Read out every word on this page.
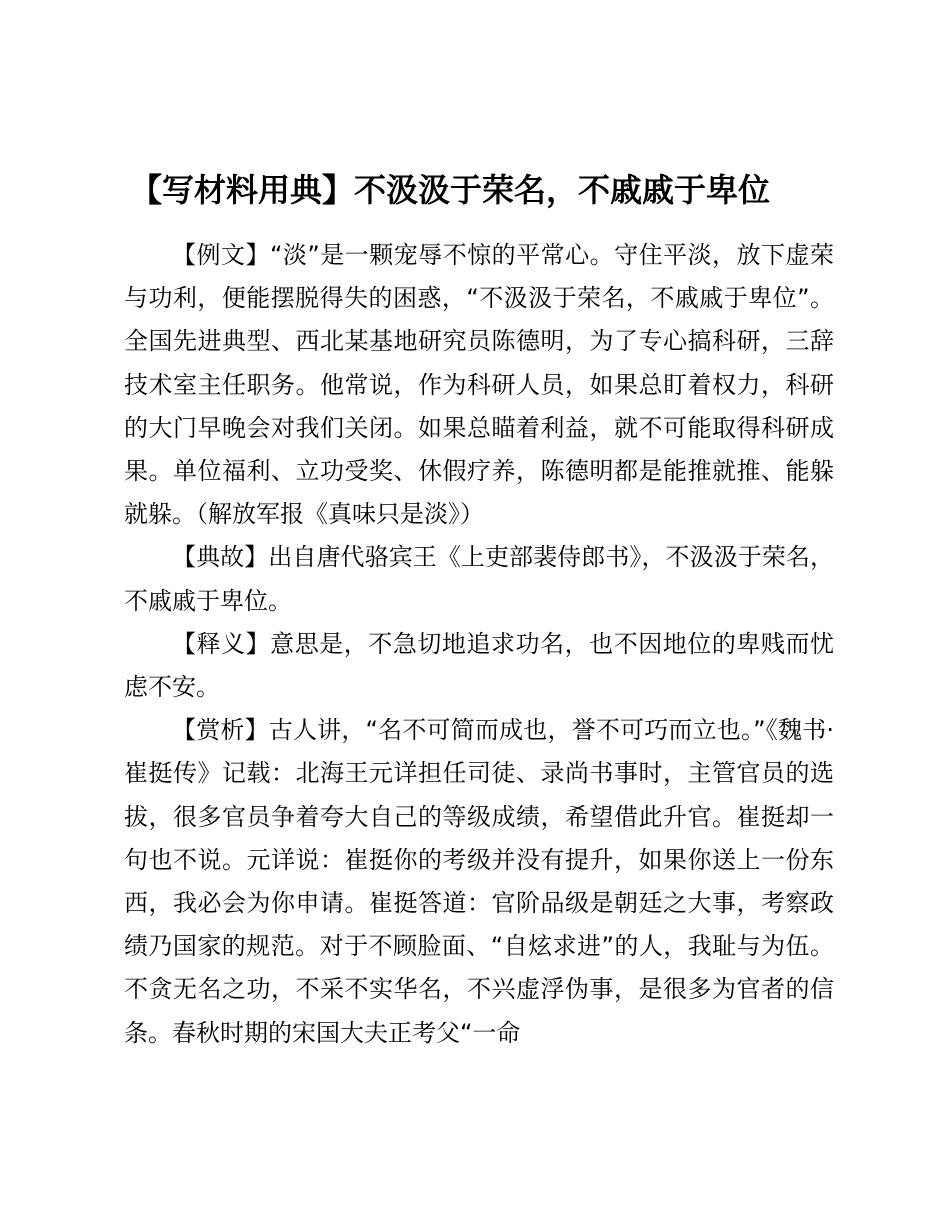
【写材料用典】不汲汲于荣名，不戚戚于卑位

【例文】“淡”是一颗宠辱不惊的平常心。守住平淡，放下虚荣与功利，便能摆脱得失的困惑，“不汲汲于荣名，不戚戚于卑位”。全国先进典型、西北某基地研究员陈德明，为了专心搞科研，三辞技术室主任职务。他常说，作为科研人员，如果总盯着权力，科研的大门早晚会对我们关闭。如果总瞄着利益，就不可能取得科研成果。单位福利、立功受奖、休假疗养，陈德明都是能推就推、能躲就躲。（解放军报《真味只是淡》）

【典故】出自唐代骆宾王《上吏部裴侍郎书》，不汲汲于荣名，不戚戚于卑位。

【释义】意思是，不急切地追求功名，也不因地位的卑贱而忧虑不安。

【赏析】古人讲，“名不可简而成也，誉不可巧而立也。”《魏书·崔挺传》记载：北海王元详担任司徒、录尚书事时，主管官员的选拔，很多官员争着夸大自己的等级成绩，希望借此升官。崔挺却一句也不说。元详说：崔挺你的考级并没有提升，如果你送上一份东西，我必会为你申请。崔挺答道：官阶品级是朝廷之大事，考察政绩乃国家的规范。对于不顾脸面、“自炫求进”的人，我耻与为伍。不贪无名之功，不采不实华名，不兴虚浮伪事，是很多为官者的信条。春秋时期的宋国大夫正考父“一命
